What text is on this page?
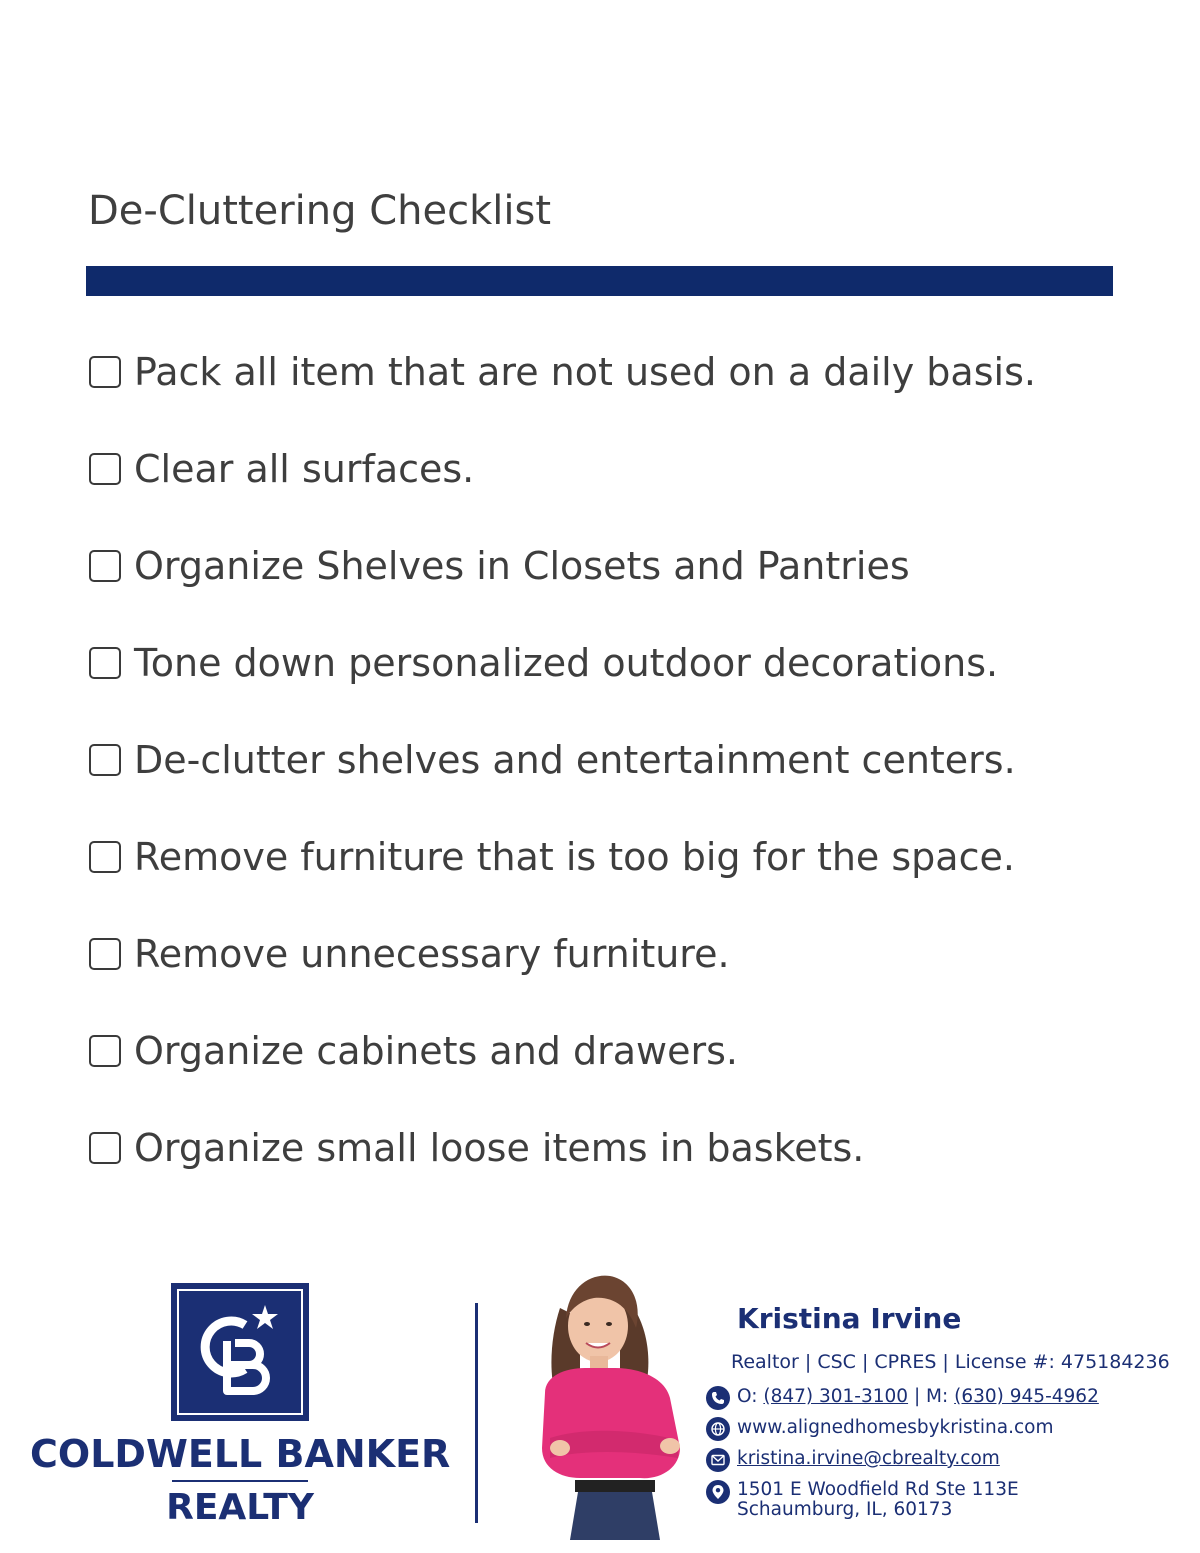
De-Cluttering Checklist
Pack all item that are not used on a daily basis.
Clear all surfaces.
Organize Shelves in Closets and Pantries
Tone down personalized outdoor decorations.
De-clutter shelves and entertainment centers.
Remove furniture that is too big for the space.
Remove unnecessary furniture.
Organize cabinets and drawers.
Organize small loose items in baskets.
COLDWELL BANKER
REALTY
Kristina Irvine
Realtor | CSC | CPRES | License #: 475184236
O: (847) 301-3100 | M: (630) 945-4962
www.alignedhomesbykristina.com
kristina.irvine@cbrealty.com
1501 E Woodfield Rd Ste 113E
Schaumburg, IL, 60173
